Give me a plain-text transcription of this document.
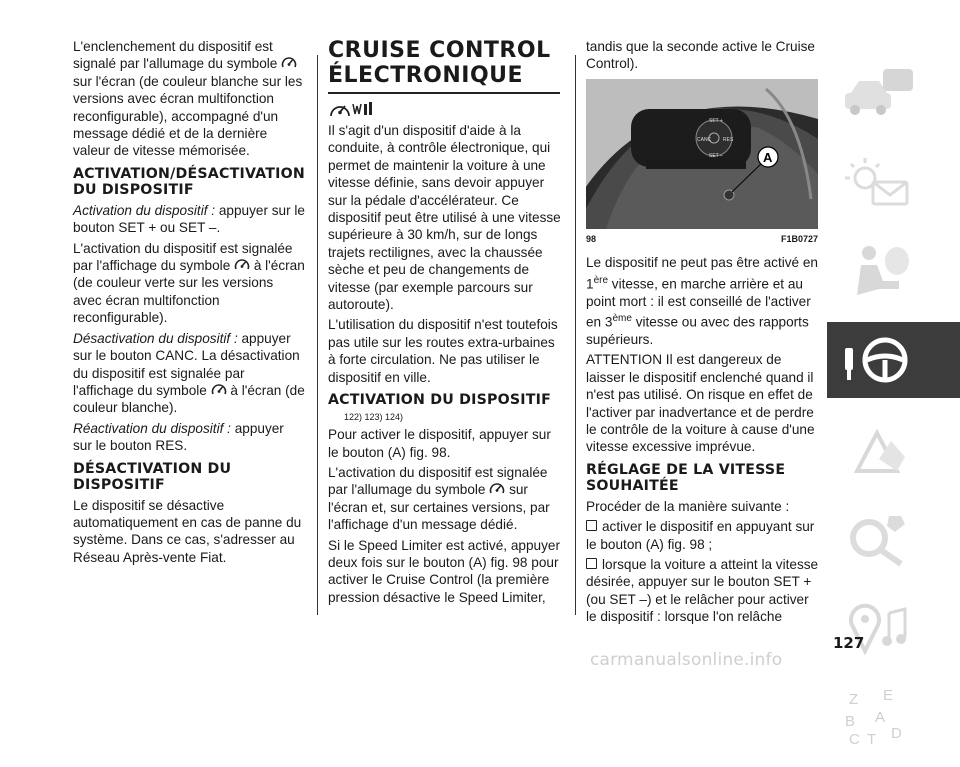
L'enclenchement du dispositif est signalé par l'allumage du symbole  sur l'écran (de couleur blanche sur les versions avec écran multifonction reconfigurable), accompagné d'un message dédié et de la dernière valeur de vitesse mémorisée.

ACTIVATION/DÉSACTIVATION DU DISPOSITIF

Activation du dispositif : appuyer sur le bouton SET + ou SET –.

L'activation du dispositif est signalée par l'affichage du symbole à l'écran (de couleur verte sur les versions avec écran multifonction reconfigurable).

Désactivation du dispositif : appuyer sur le bouton CANC. La désactivation du dispositif est signalée par l'affichage du symbole à l'écran (de couleur blanche).

Réactivation du dispositif : appuyer sur le bouton RES.

DÉSACTIVATION DU DISPOSITIF

Le dispositif se désactive automatiquement en cas de panne du système. Dans ce cas, s'adresser au Réseau Après-vente Fiat.

CRUISE CONTROL ÉLECTRONIQUE

Il s'agit d'un dispositif d'aide à la conduite, à contrôle électronique, qui permet de maintenir la voiture à une vitesse définie, sans devoir appuyer sur la pédale d'accélérateur. Ce dispositif peut être utilisé à une vitesse supérieure à 30 km/h, sur de longs trajets rectilignes, avec la chaussée sèche et peu de changements de vitesse (par exemple parcours sur autoroute).

L'utilisation du dispositif n'est toutefois pas utile sur les routes extra-urbaines à forte circulation. Ne pas utiliser le dispositif en ville.

ACTIVATION DU DISPOSITIF
122) 123) 124)

Pour activer le dispositif, appuyer sur le bouton (A) fig. 98.

L'activation du dispositif est signalée par l'allumage du symbole sur l'écran et, sur certaines versions, par l'affichage d'un message dédié.

Si le Speed Limiter est activé, appuyer deux fois sur le bouton (A) fig. 98 pour activer le Cruise Control (la première pression désactive le Speed Limiter,

tandis que la seconde active le Cruise Control).

SET +
CANC RES
SET –	A
98	F1B0727

Le dispositif ne peut pas être activé en 1ère vitesse, en marche arrière et au point mort : il est conseillé de l'activer en 3ème vitesse ou avec des rapports supérieurs.

ATTENTION Il est dangereux de laisser le dispositif enclenché quand il n'est pas utilisé. On risque en effet de l'activer par inadvertance et de perdre le contrôle de la voiture à cause d'une vitesse excessive imprévue.

RÉGLAGE DE LA VITESSE SOUHAITÉE

Procéder de la manière suivante :

activer le dispositif en appuyant sur le bouton (A) fig. 98 ;

lorsque la voiture a atteint la vitesse désirée, appuyer sur le bouton SET + (ou SET –) et le relâcher pour activer le dispositif : lorsque l'on relâche

Z E
B A
C T D
127
carmanualsonline.info
